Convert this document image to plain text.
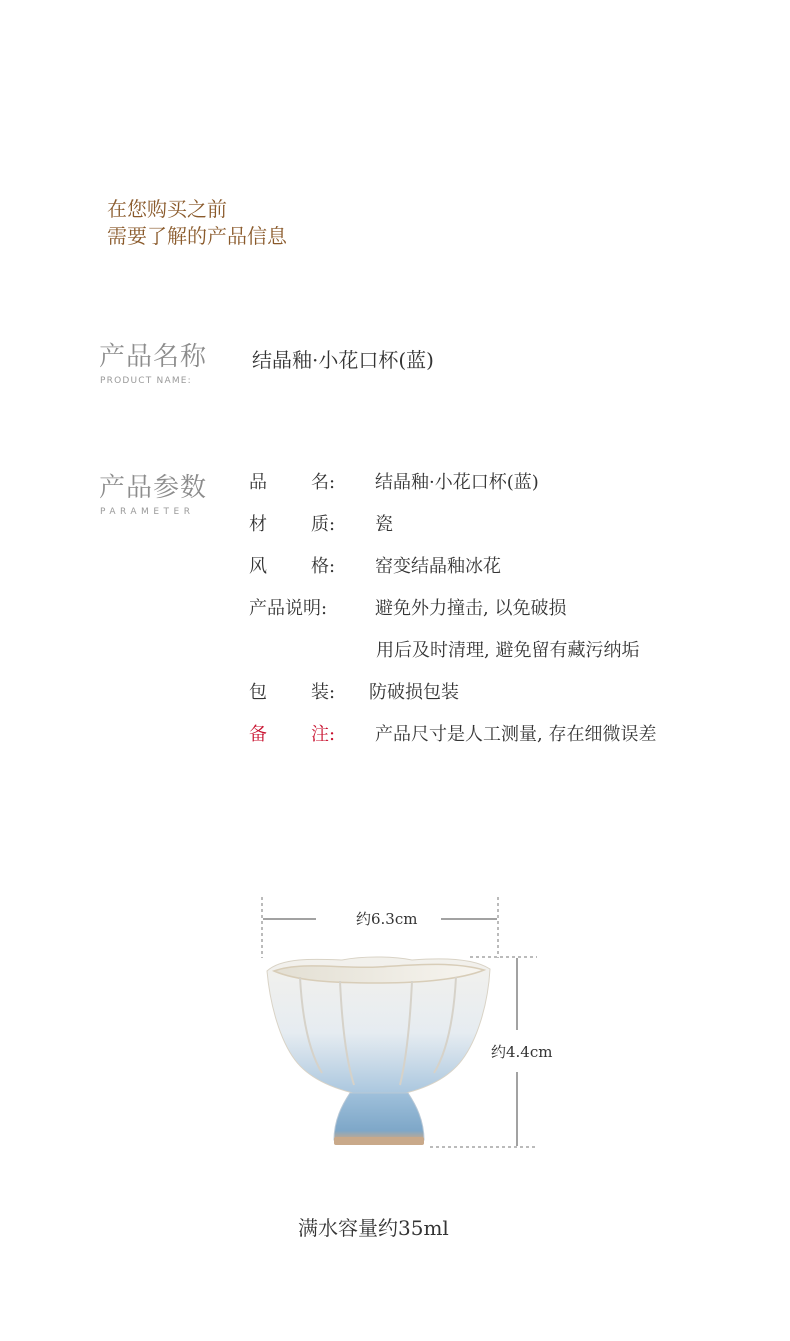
在您购买之前
需要了解的产品信息
产品名称
PRODUCT NAME:
结晶釉·小花口杯(蓝)
产品参数
PARAMETER
品 名: 结晶釉·小花口杯(蓝)
材 质: 瓷
风 格: 窑变结晶釉冰花
产品说明:	避免外力撞击, 以免破损
用后及时清理, 避免留有藏污纳垢
包 装: 防破损包装
备 注: 产品尺寸是人工测量, 存在细微误差
约6.3cm
约4.4cm
满水容量约35ml
